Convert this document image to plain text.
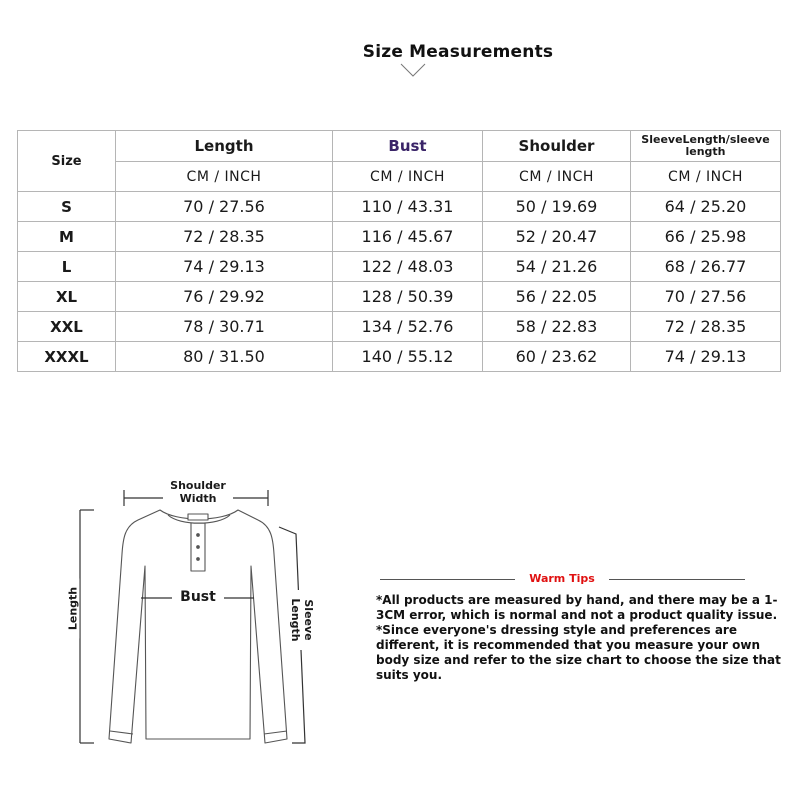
Size Measurements
Size	Length	Bust	Shoulder	SleeveLength/sleeve length
	CM / INCH	CM / INCH	CM / INCH	CM / INCH
S	70 / 27.56	110 / 43.31	50 / 19.69	64 / 25.20
M	72 / 28.35	116 / 45.67	52 / 20.47	66 / 25.98
L	74 / 29.13	122 / 48.03	54 / 21.26	68 / 26.77
XL	76 / 29.92	128 / 50.39	56 / 22.05	70 / 27.56
XXL	78 / 30.71	134 / 52.76	58 / 22.83	72 / 28.35
XXXL	80 / 31.50	140 / 55.12	60 / 23.62	74 / 29.13
Shoulder Width
Bust
Length	Sleeve Length
Warm Tips
*All products are measured by hand, and there may be a 1-3CM error, which is normal and not a product quality issue. *Since everyone's dressing style and preferences are different, it is recommended that you measure your own body size and refer to the size chart to choose the size that suits you.
